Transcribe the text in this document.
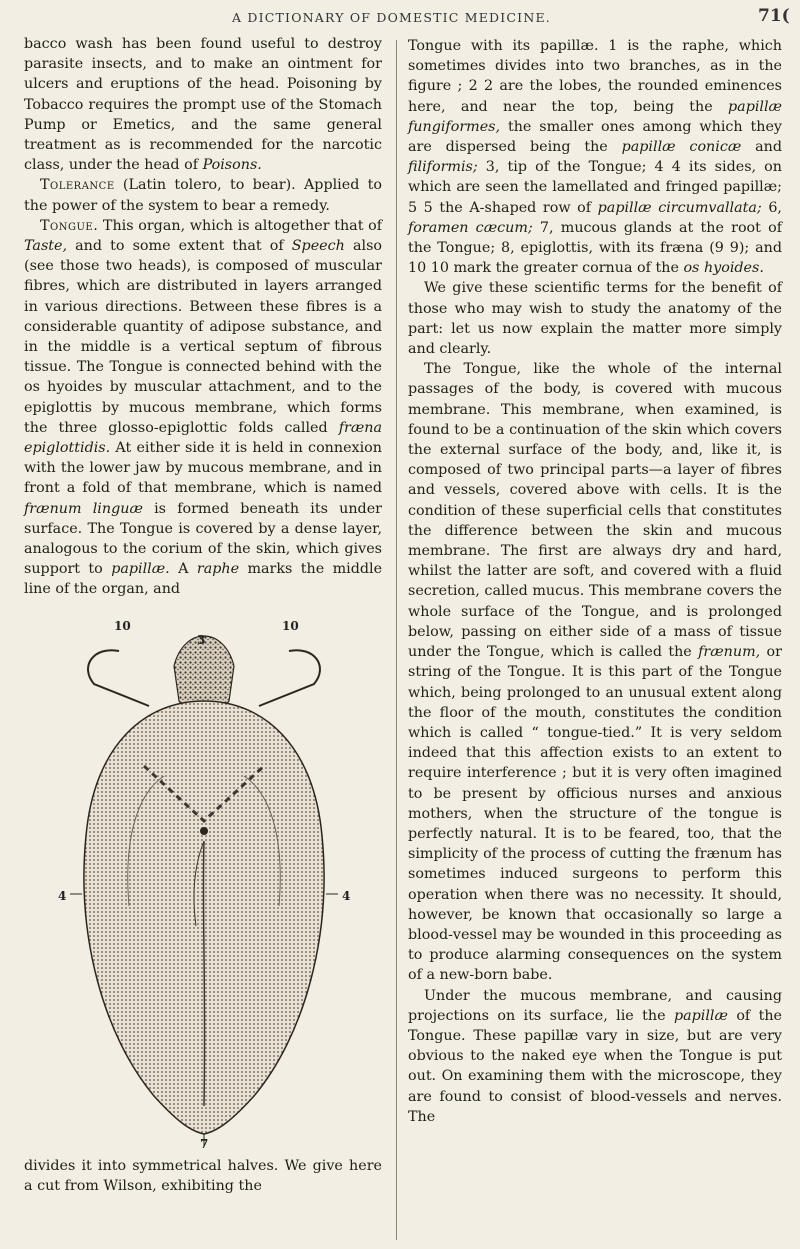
A DICTIONARY OF DOMESTIC MEDICINE.	71(

bacco wash has been found useful to destroy parasite insects, and to make an ointment for ulcers and eruptions of the head. Poisoning by Tobacco requires the prompt use of the Stomach Pump or Emetics, and the same general treatment as is recommended for the narcotic class, under the head of Poisons.

Tolerance (Latin tolero, to bear). Applied to the power of the system to bear a remedy.

Tongue. This organ, which is altogether that of Taste, and to some extent that of Speech also (see those two heads), is composed of muscular fibres, which are distributed in layers arranged in various directions. Between these fibres is a considerable quantity of adipose substance, and in the middle is a vertical septum of fibrous tissue. The Tongue is connected behind with the os hyoides by muscular attachment, and to the epiglottis by mucous membrane, which forms the three glosso-epiglottic folds called fræna epiglottidis. At either side it is held in connexion with the lower jaw by mucous membrane, and in front a fold of that membrane, which is named frænum linguæ is formed beneath its under surface. The Tongue is covered by a dense layer, analogous to the corium of the skin, which gives support to papillæ. A raphe marks the middle line of the organ, and

10
3
10
4	4
7

divides it into symmetrical halves. We give here a cut from Wilson, exhibiting the

Tongue with its papillæ. 1 is the raphe, which sometimes divides into two branches, as in the figure ; 2 2 are the lobes, the rounded eminences here, and near the top, being the papillæ fungiformes, the smaller ones among which they are dispersed being the papillæ conicæ and filiformis; 3, tip of the Tongue; 4 4 its sides, on which are seen the lamellated and fringed papillæ; 5 5 the A-shaped row of papillæ circumvallata; 6, foramen cæcum; 7, mucous glands at the root of the Tongue; 8, epiglottis, with its fræna (9 9); and 10 10 mark the greater cornua of the os hyoides.

We give these scientific terms for the benefit of those who may wish to study the anatomy of the part: let us now explain the matter more simply and clearly.

The Tongue, like the whole of the internal passages of the body, is covered with mucous membrane. This membrane, when examined, is found to be a continuation of the skin which covers the external surface of the body, and, like it, is composed of two principal parts—a layer of fibres and vessels, covered above with cells. It is the condition of these superficial cells that constitutes the difference between the skin and mucous membrane. The first are always dry and hard, whilst the latter are soft, and covered with a fluid secretion, called mucus. This membrane covers the whole surface of the Tongue, and is prolonged below, passing on either side of a mass of tissue under the Tongue, which is called the frænum, or string of the Tongue. It is this part of the Tongue which, being prolonged to an unusual extent along the floor of the mouth, constitutes the condition which is called “ tongue-tied.” It is very seldom indeed that this affection exists to an extent to require interference ; but it is very often imagined to be present by officious nurses and anxious mothers, when the structure of the tongue is perfectly natural. It is to be feared, too, that the simplicity of the process of cutting the frænum has sometimes induced surgeons to perform this operation when there was no necessity. It should, however, be known that occasionally so large a blood-vessel may be wounded in this proceeding as to produce alarming consequences on the system of a new-born babe.

Under the mucous membrane, and causing projections on its surface, lie the papillæ of the Tongue. These papillæ vary in size, but are very obvious to the naked eye when the Tongue is put out. On examining them with the microscope, they are found to consist of blood-vessels and nerves. The
